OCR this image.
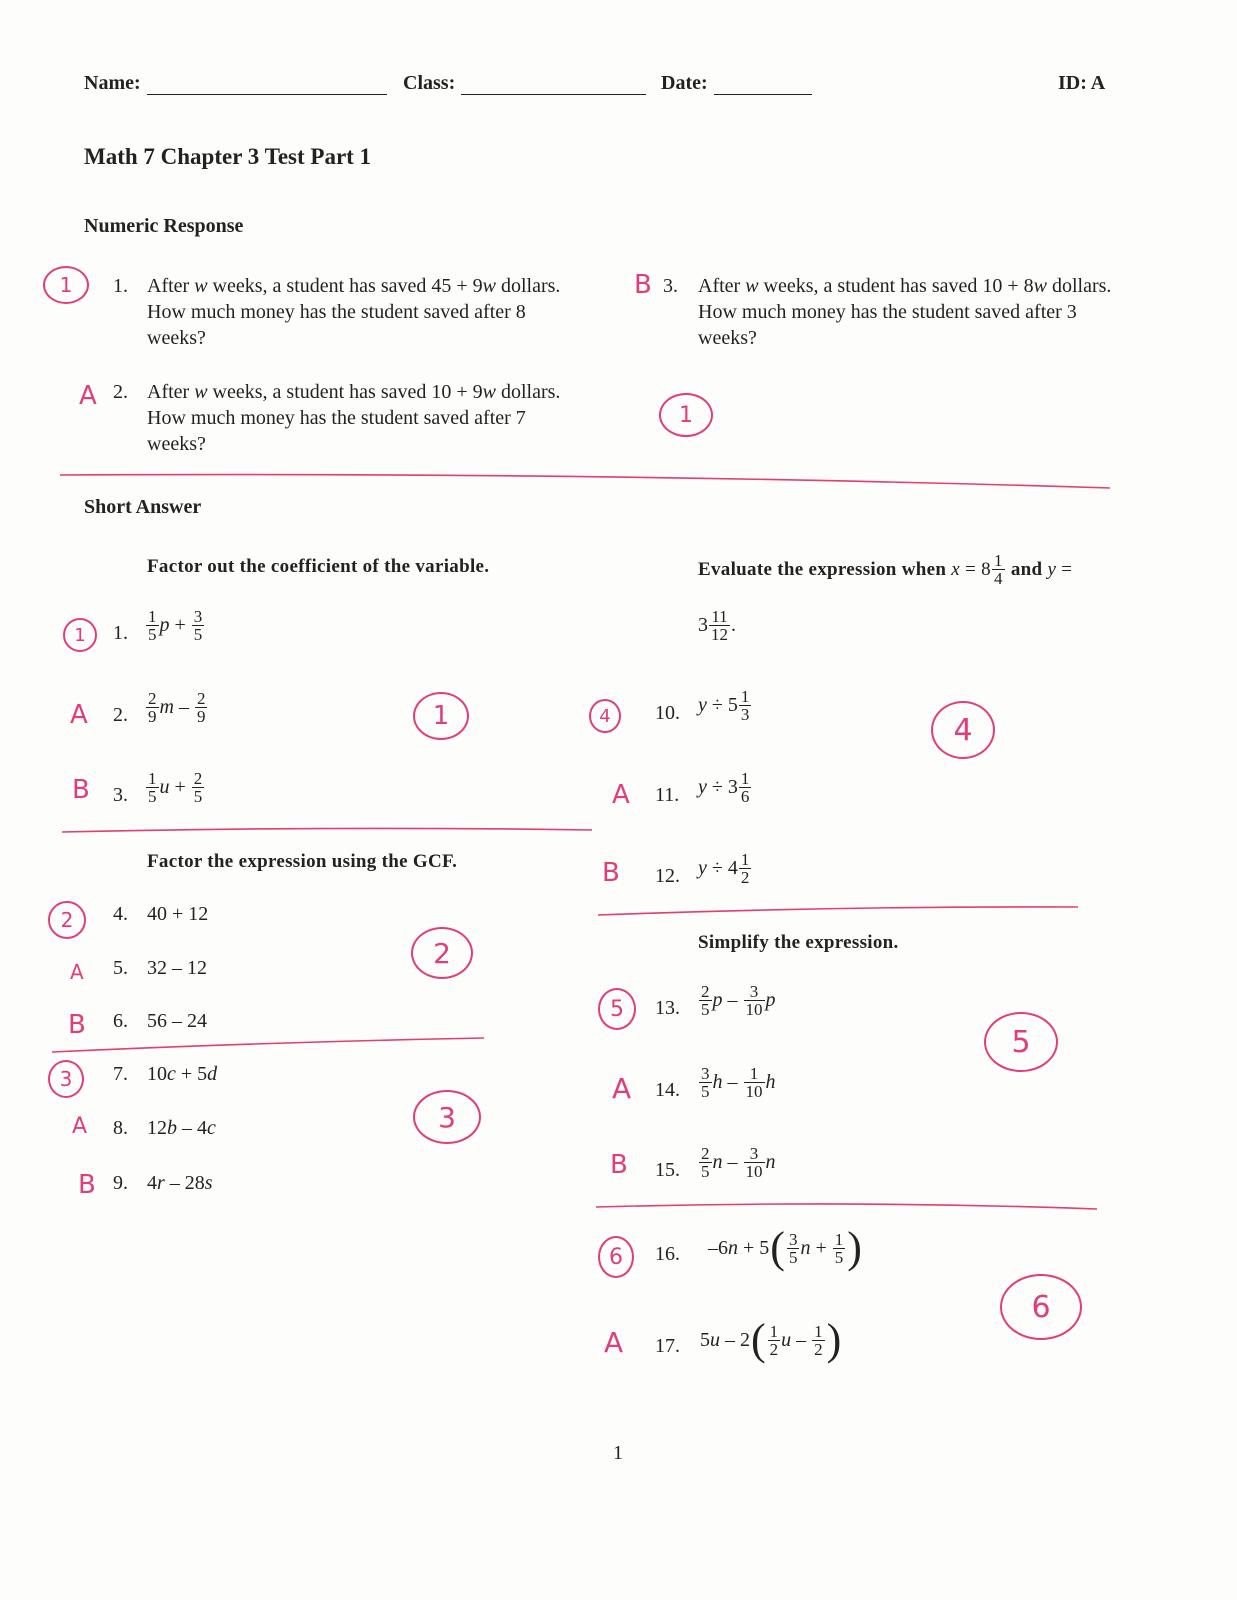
Name:	Class:	Date:	ID: A
Math 7 Chapter 3 Test Part 1
Numeric Response
1. After w weeks, a student has saved 45 + 9w dollars.
How much money has the student saved after 8
weeks?
2. After w weeks, a student has saved 10 + 9w dollars.
How much money has the student saved after 7
weeks?
3. After w weeks, a student has saved 10 + 8w dollars.
How much money has the student saved after 3
weeks?
Short Answer
Factor out the coefficient of the variable.
1. $\frac{1}{5}$ $p + \frac{3}{5}$
2. $\frac{2}{9}$ m – $\frac{2}{9}$
3. $\frac{1}{5}$ $u + \frac{2}{5}$
Factor the expression using the GCF.
4. 40 + 12
5. 32 – 12
6. 56 – 24
7. 10c + 5d
8. 12b – 4c
9. 4r – 28s
Evaluate the expression when
x
=
$8 \frac{1}{4}$
and
y
=
$3 \frac{11}{12}$ .
10. $y \div 5 \frac{1}{3}$
11. $y \div 3 \frac{1}{6}$
12. $y \div 4 \frac{1}{2}$
Simplify the expression.
13. $\frac{2}{5}$ p – $\frac{3}{10}$ p
14. $\frac{3}{5}$ h – $\frac{1}{10}$ h
15. $\frac{2}{5}$ n – $\frac{3}{10}$ n
16. –6 n + 5 ( $\frac{3}{5}$ $n + \frac{1}{5}$ )
17. 5 u – 2 ( $\frac{1}{2}$ u – $\frac{1}{2}$ )
1
1
1
1
1
2
2
3
3
4	4
5
5
6
6
A
B
A
B
A
B
A
B
A
B
A
B
A
